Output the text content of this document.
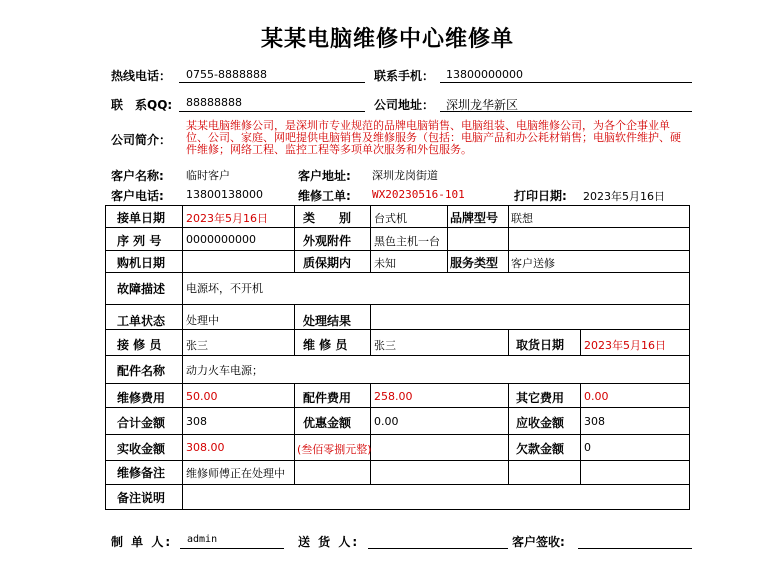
某某电脑维修中心维修单
热线电话： 0755-8888888	联系手机： 13800000000
联　系QQ: 88888888	公司地址： 深圳龙华新区
公司简介：
某某电脑维修公司，是深圳市专业规范的品牌电脑销售、电脑组装、电脑维修公司，为各个企事业单位、公司、家庭、网吧提供电脑销售及维修服务（包括：电脑产品和办公耗材销售；电脑软件维护、硬件维修；网络工程、监控工程等多项单次服务和外包服务。
客户名称: 临时客户	客户地址: 深圳龙岗街道
客户电话: 13800138000	维修工单: WX20230516-101	打印日期: 2023年5月16日
接单日期 2023年5月16日	类　　别 台式机	品牌型号 联想
序 列 号 0000000000	外观附件 黑色主机一台
购机日期	质保期内 未知	服务类型 客户送修
故障描述 电源坏，不开机
工单状态 处理中	处理结果
接 修 员 张三	维 修 员 张三	取货日期 2023年5月16日
配件名称 动力火车电源；
维修费用 50.00	配件费用 258.00	其它费用 0.00
合计金额 308	优惠金额 0.00	应收金额 308
实收金额 308.00	(叁佰零捌元整)	欠款金额 0
维修备注 维修师傅正在处理中
备注说明
制 单 人: admin	送 货 人:	客户签收:
